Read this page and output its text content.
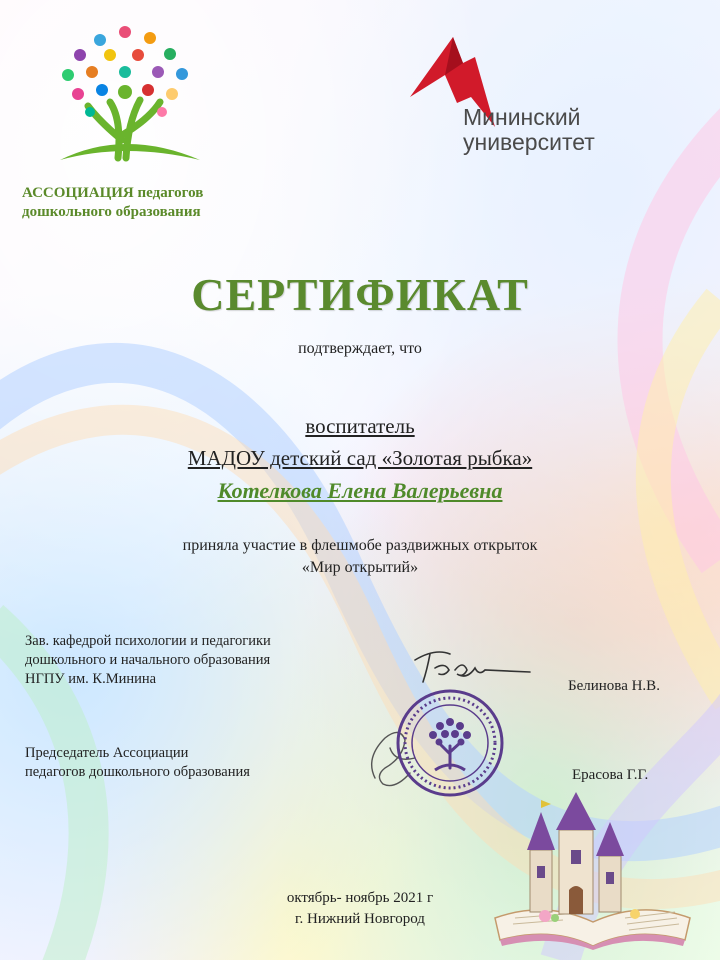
АССОЦИАЦИЯ педагогов
дошкольного образования
Мининский
университет
СЕРТИФИКАТ
подтверждает, что
воспитатель
МАДОУ детский сад «Золотая рыбка»
Котелкова Елена Валерьевна
приняла участие в флешмобе раздвижных открыток
«Мир открытий»
Зав. кафедрой психологии и педагогики
дошкольного и начального образования
НГПУ им. К.Минина	Белинова Н.В.
Председатель Ассоциации
педагогов дошкольного образования	Ерасова Г.Г.
октябрь- ноябрь 2021 г
г. Нижний Новгород
